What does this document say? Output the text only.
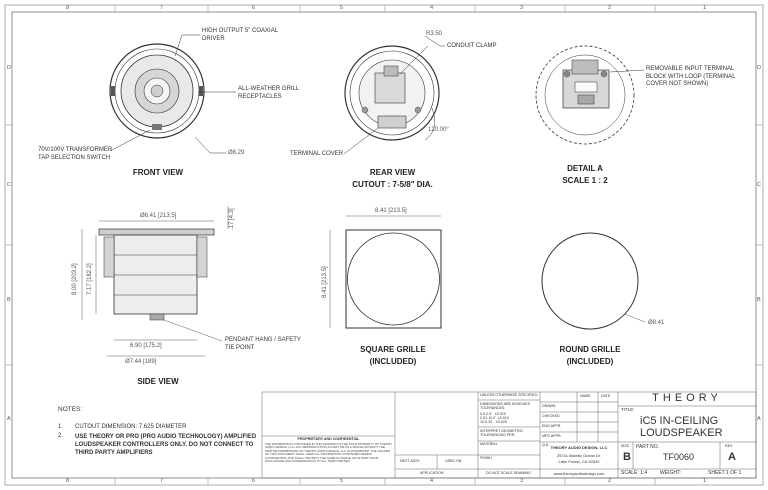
8	7	6	5	4	3	2	1
8	7	6	5	4	3	2	1
D
C
B
A
D
C
B
A
HIGH OUTPUT 5" COAXIAL DRIVER
ALL-WEATHER GRILL RECEPTACLES
70V/100V TRANSFORMER TAP SELECTION SWITCH
Ø8.29
THEORY
FRONT VIEW
R3.50
CONDUIT CLAMP
120.00°
TERMINAL COVER
REAR VIEW
CUTOUT : 7-5/8" DIA.
REMOVABLE INPUT TERMINAL BLOCK WITH LOOP (TERMINAL COVER NOT SHOWN)
DETAIL A
SCALE 1 : 2
Ø8.41 [213.5]
8.00 [203.2] 7.17 [182.2]
.17 [4.3]
6.90 [175.2]
Ø7.44 [189]
PENDANT HANG / SAFETY TIE POINT
SIDE VIEW
8.41 [213.5]
8.41 [213.5]
SQUARE GRILLE
(INCLUDED)
Ø8.41
ROUND GRILLE
(INCLUDED)
NOTES:
1. CUTOUT DIMENSION: 7.625 DIAMETER
2. USE THEORY OR PRO (PRO AUDIO TECHNOLOGY) AMPLIFIED LOUDSPEAKER CONTROLLERS ONLY. DO NOT CONNECT TO THIRD PARTY AMPLIFIERS
PROPRIETARY AND CONFIDENTIAL
THE INFORMATION CONTAINED IN THIS DRAWING IS THE SOLE PROPERTY OF THEORY AUDIO DESIGN, LLC. ANY REPRODUCTION IN PART OR AS A WHOLE WITHOUT THE WRITTEN PERMISSION OF THEORY AUDIO DESIGN, LLC IS PROHIBITED. THE HOLDER OF THIS DOCUMENT SHALL KEEP ALL INFORMATION CONTAINED HEREIN CONFIDENTIAL AND SHALL PROTECT THE SAME IN WHOLE OR IN PART FROM DISCLOSURE AND DISSEMINATION TO ALL THIRD PARTIES.	NEXT ASSY	USED ON
APPLICATION
UNLESS OTHERWISE SPECIFIED:
DIMENSIONS ARE IN INCHES TOLERANCES:
0.0-0.5'   ±0.010
0.51-10.0'  ±0.015
10.0-20'   ±0.020
INTERPRET GEOMETRIC TOLERANCING PER:
MATERIAL
FINISH
DO NOT SCALE DRAWING
NAME	DATE
DRAWN
CHECKED
ENG APPR.
MFG APPR.
Q.A. THEORY AUDIO DESIGN, LLC
25741 Atlantic Ocean Dr.
Lake Forest, CA 92630
www.theoryaudiodesign.com
THEORY
TITLE:
iC5 IN-CEILING
LOUDSPEAKER
SIZE
B
PART NO.
TF0060
REV
A
SCALE: 1:4	WEIGHT:	SHEET 1 OF 1
